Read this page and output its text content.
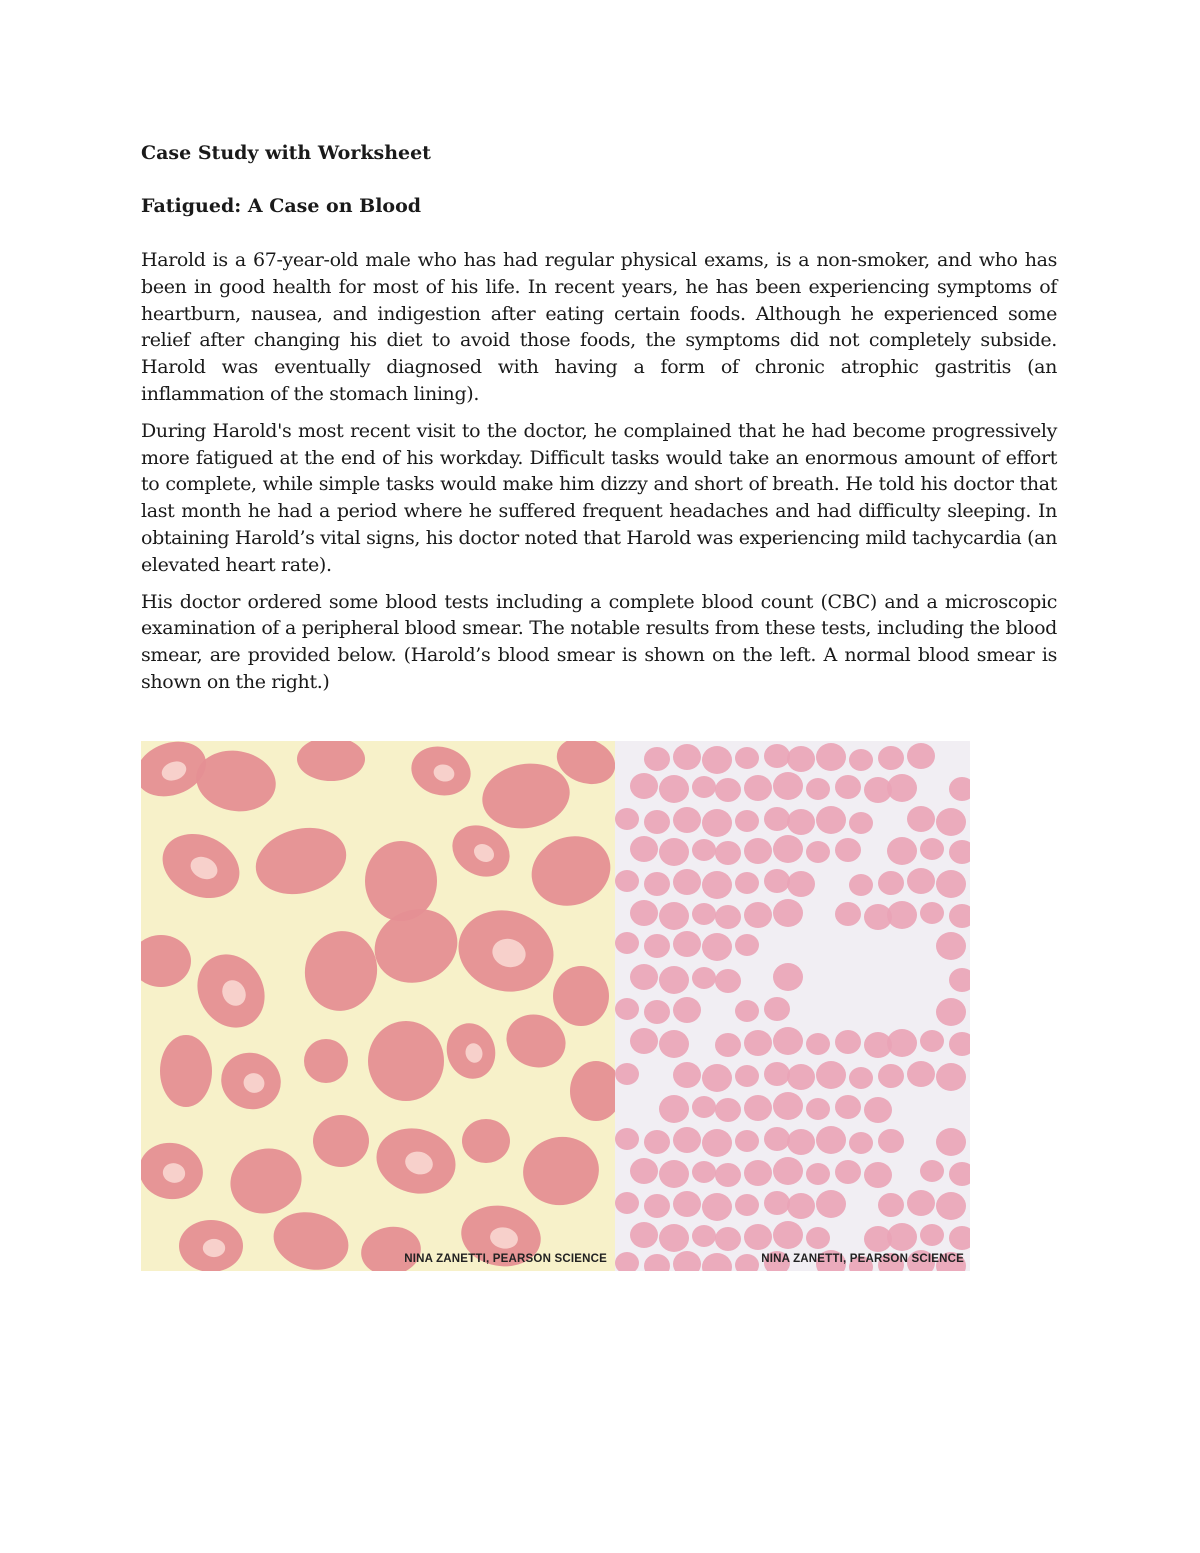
Case Study with Worksheet

Fatigued: A Case on Blood

Harold is a 67-year-old male who has had regular physical exams, is a non-smoker, and who has been in good health for most of his life. In recent years, he has been experiencing symptoms of heartburn, nausea, and indigestion after eating certain foods. Although he experienced some relief after changing his diet to avoid those foods, the symptoms did not completely subside. Harold was eventually diagnosed with having a form of chronic atrophic gastritis (an inflammation of the stomach lining).

During Harold's most recent visit to the doctor, he complained that he had become progressively more fatigued at the end of his workday. Difficult tasks would take an enormous amount of effort to complete, while simple tasks would make him dizzy and short of breath. He told his doctor that last month he had a period where he suffered frequent headaches and had difficulty sleeping. In obtaining Harold’s vital signs, his doctor noted that Harold was experiencing mild tachycardia (an elevated heart rate).

His doctor ordered some blood tests including a complete blood count (CBC) and a microscopic examination of a peripheral blood smear. The notable results from these tests, including the blood smear, are provided below. (Harold’s blood smear is shown on the left. A normal blood smear is shown on the right.)

NINA ZANETTI, PEARSON SCIENCE	NINA ZANETTI, PEARSON SCIENCE
